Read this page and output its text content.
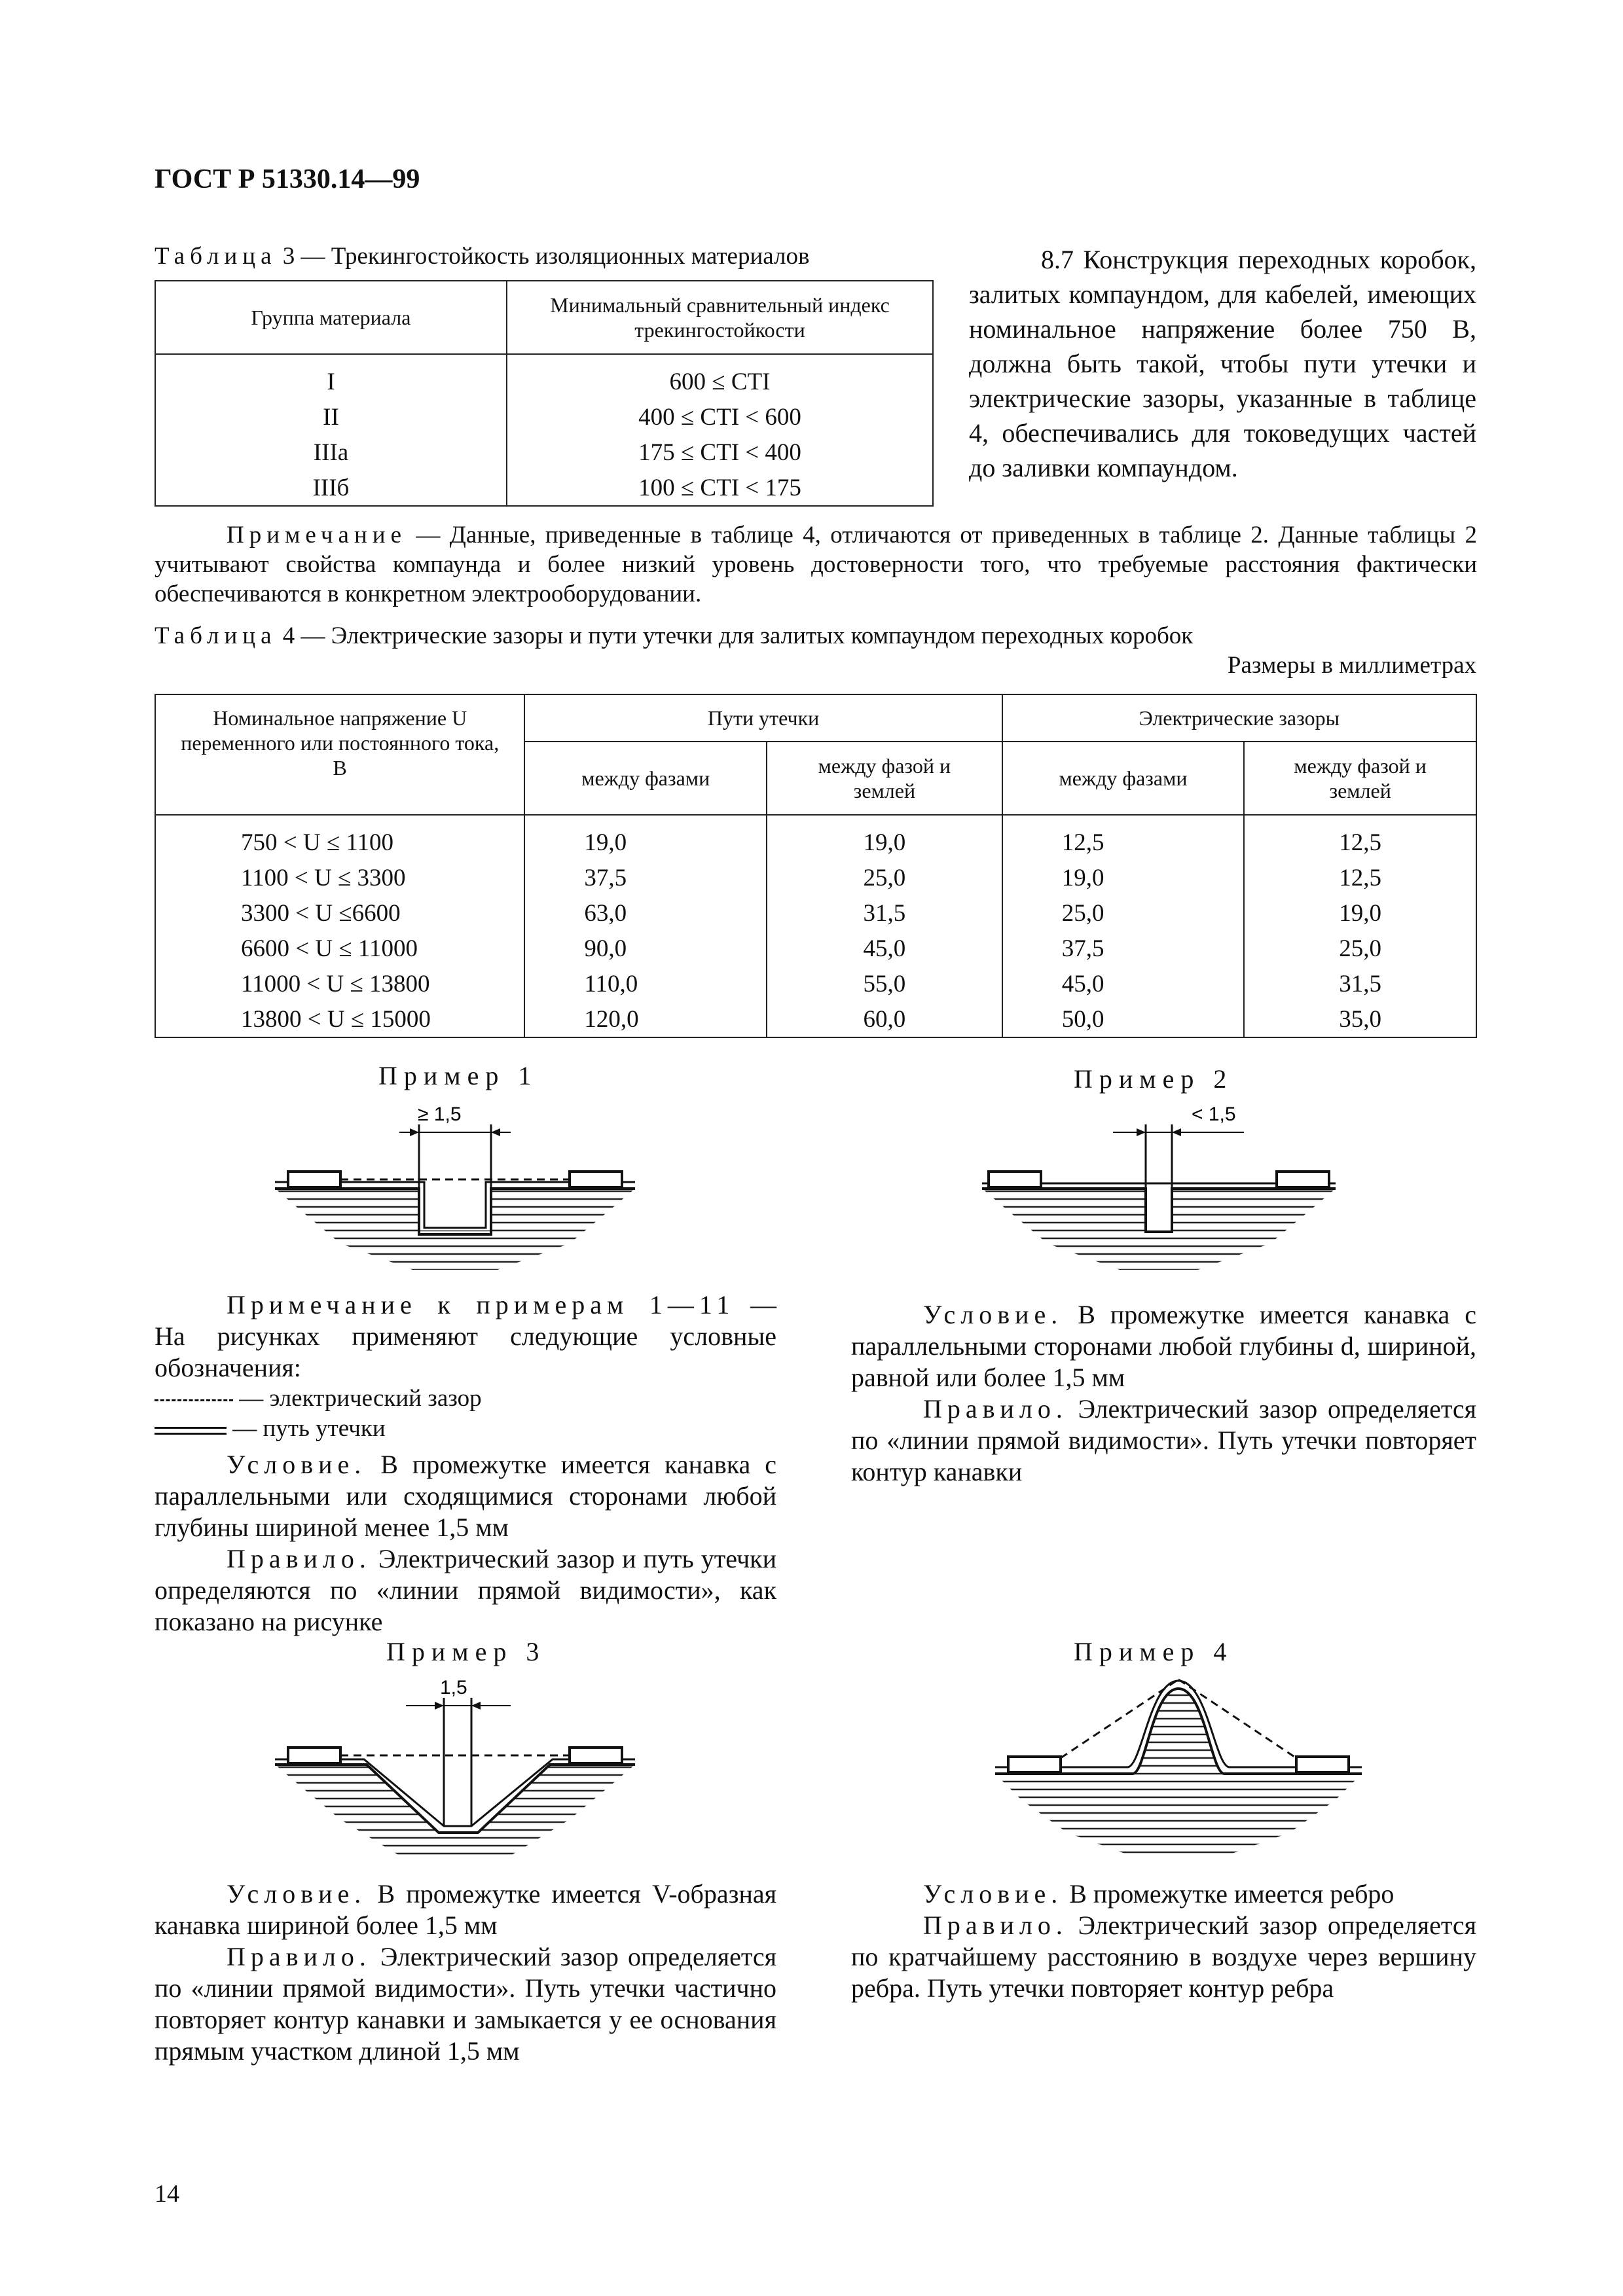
ГОСТ Р 51330.14—99
Таблица 3 — Трекингостойкость изоляционных материалов
Группа материала	Минимальный сравнительный индекс трекингостойкости
I	600 ≤ CTI
II	400 ≤ CTI < 600
IIIa	175 ≤ CTI < 400
IIIб	100 ≤ CTI < 175

8.7 Конструкция переходных коробок, залитых компаундом, для кабелей, имеющих номинальное напряжение более 750 В, должна быть такой, чтобы пути утечки и электрические зазоры, указанные в таблице 4, обеспечивались для токоведущих частей до заливки компаундом.

Примечание — Данные, приведенные в таблице 4, отличаются от приведенных в таблице 2. Данные таблицы 2 учитывают свойства компаунда и более низкий уровень достоверности того, что требуемые расстояния фактически обеспечиваются в конкретном электрооборудовании.

Таблица 4 — Электрические зазоры и пути утечки для залитых компаундом переходных коробок
Размеры в миллиметрах
Номинальное напряжение U переменного или постоянного тока, В	Пути утечки		Электрические зазоры	
	между фазами	между фазой и землей	между фазами	между фазой и землей
750 < U ≤ 1100	19,0	19,0	12,5	12,5
1100 < U ≤ 3300	37,5	25,0	19,0	12,5
3300 < U ≤6600	63,0	31,5	25,0	19,0
6600 < U ≤ 11000	90,0	45,0	37,5	25,0
11000 < U ≤ 13800	110,0	55,0	45,0	31,5
13800 < U ≤ 15000	120,0	60,0	50,0	35,0
Пример 1
≥ 1,5
Пример 2
< 1,5

Примечание к примерам 1—11 — На рисунках применяют следующие условные обозначения:

— электрический зазор

— путь утечки

Условие. В промежутке имеется канавка с параллельными или сходящимися сторонами любой глубины шириной менее 1,5 мм

Правило. Электрический зазор и путь утечки определяются по «линии прямой видимости», как показано на рисунке

Условие. В промежутке имеется канавка с параллельными сторонами любой глубины d, шириной, равной или более 1,5 мм

Правило. Электрический зазор определяется по «линии прямой видимости». Путь утечки повторяет контур канавки

Пример 3
1,5
Пример 4

Условие. В промежутке имеется V-образная канавка шириной более 1,5 мм

Правило. Электрический зазор определяется по «линии прямой видимости». Путь утечки частично повторяет контур канавки и замыкается у ее основания прямым участком длиной 1,5 мм

Условие. В промежутке имеется ребро

Правило. Электрический зазор определяется по кратчайшему расстоянию в воздухе через вершину ребра. Путь утечки повторяет контур ребра

14
